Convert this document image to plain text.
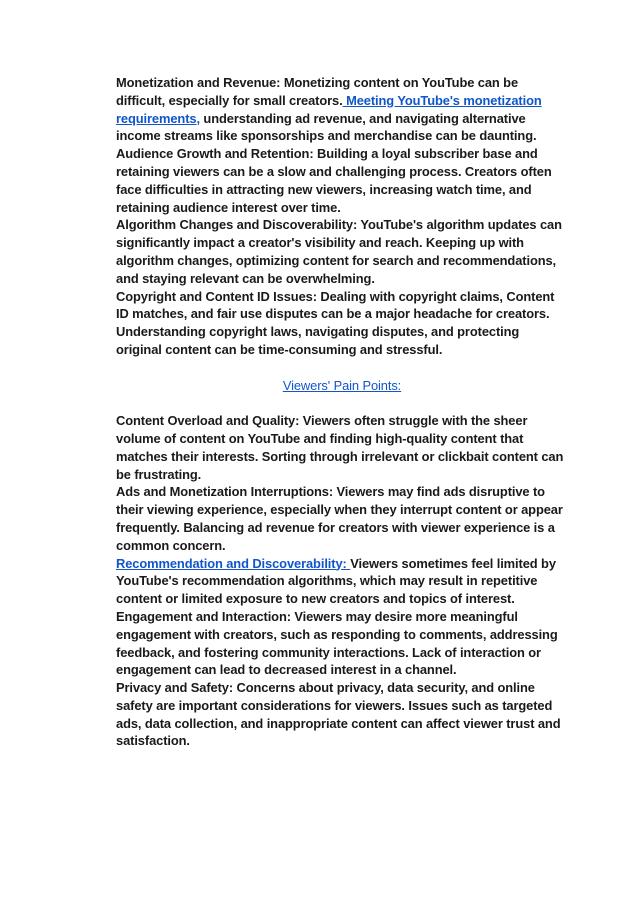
Monetization and Revenue: Monetizing content on YouTube can be difficult, especially for small creators. Meeting YouTube's monetization requirements, understanding ad revenue, and navigating alternative income streams like sponsorships and merchandise can be daunting.

Audience Growth and Retention: Building a loyal subscriber base and retaining viewers can be a slow and challenging process. Creators often face difficulties in attracting new viewers, increasing watch time, and retaining audience interest over time.

Algorithm Changes and Discoverability: YouTube's algorithm updates can significantly impact a creator's visibility and reach. Keeping up with algorithm changes, optimizing content for search and recommendations, and staying relevant can be overwhelming.

Copyright and Content ID Issues: Dealing with copyright claims, Content ID matches, and fair use disputes can be a major headache for creators. Understanding copyright laws, navigating disputes, and protecting original content can be time-consuming and stressful.

Viewers' Pain Points:

Content Overload and Quality: Viewers often struggle with the sheer volume of content on YouTube and finding high-quality content that matches their interests. Sorting through irrelevant or clickbait content can be frustrating.

Ads and Monetization Interruptions: Viewers may find ads disruptive to their viewing experience, especially when they interrupt content or appear frequently. Balancing ad revenue for creators with viewer experience is a common concern.

Recommendation and Discoverability: Viewers sometimes feel limited by YouTube's recommendation algorithms, which may result in repetitive content or limited exposure to new creators and topics of interest.

Engagement and Interaction: Viewers may desire more meaningful engagement with creators, such as responding to comments, addressing feedback, and fostering community interactions. Lack of interaction or engagement can lead to decreased interest in a channel.

Privacy and Safety: Concerns about privacy, data security, and online safety are important considerations for viewers. Issues such as targeted ads, data collection, and inappropriate content can affect viewer trust and satisfaction.
